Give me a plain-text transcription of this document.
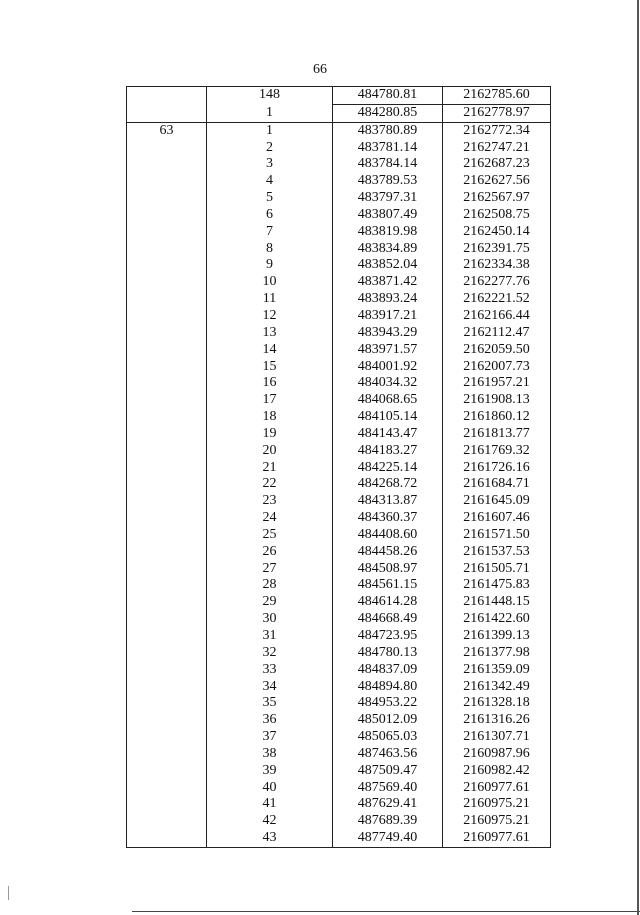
66
	148	484780.81	2162785.60
	1	484280.85	2162778.97
63	1	483780.89	2162772.34
	2	483781.14	2162747.21
	3	483784.14	2162687.23
	4	483789.53	2162627.56
	5	483797.31	2162567.97
	6	483807.49	2162508.75
	7	483819.98	2162450.14
	8	483834.89	2162391.75
	9	483852.04	2162334.38
	10	483871.42	2162277.76
	11	483893.24	2162221.52
	12	483917.21	2162166.44
	13	483943.29	2162112.47
	14	483971.57	2162059.50
	15	484001.92	2162007.73
	16	484034.32	2161957.21
	17	484068.65	2161908.13
	18	484105.14	2161860.12
	19	484143.47	2161813.77
	20	484183.27	2161769.32
	21	484225.14	2161726.16
	22	484268.72	2161684.71
	23	484313.87	2161645.09
	24	484360.37	2161607.46
	25	484408.60	2161571.50
	26	484458.26	2161537.53
	27	484508.97	2161505.71
	28	484561.15	2161475.83
	29	484614.28	2161448.15
	30	484668.49	2161422.60
	31	484723.95	2161399.13
	32	484780.13	2161377.98
	33	484837.09	2161359.09
	34	484894.80	2161342.49
	35	484953.22	2161328.18
	36	485012.09	2161316.26
	37	485065.03	2161307.71
	38	487463.56	2160987.96
	39	487509.47	2160982.42
	40	487569.40	2160977.61
	41	487629.41	2160975.21
	42	487689.39	2160975.21
	43	487749.40	2160977.61
